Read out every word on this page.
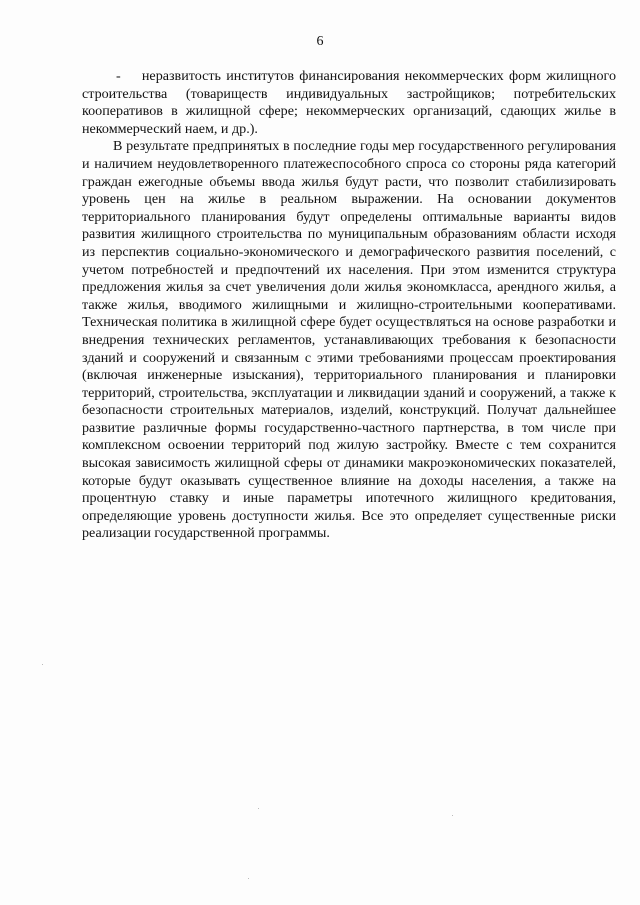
6

-    неразвитость институтов финансирования некоммерческих форм жилищного строительства (товариществ индивидуальных застройщиков; потребительских кооперативов в жилищной сфере; некоммерческих организаций, сдающих жилье в некоммерческий наем, и др.).

В результате предпринятых в последние годы мер государственного регулирования и наличием неудовлетворенного платежеспособного спроса со стороны ряда категорий граждан ежегодные объемы ввода жилья будут расти, что позволит стабилизировать уровень цен на жилье в реальном выражении. На основании документов территориального планирования будут определены оптимальные варианты видов развития жилищного строительства по муниципальным образованиям области исходя из перспектив социально-экономического и демографического развития поселений, с учетом потребностей и предпочтений их населения. При этом изменится структура предложения жилья за счет увеличения доли жилья экономкласса, арендного жилья, а также жилья, вводимого жилищными и жилищно-строительными кооперативами. Техническая политика в жилищной сфере будет осуществляться на основе разработки и внедрения технических регламентов, устанавливающих требования к безопасности зданий и сооружений и связанным с этими требованиями процессам проектирования (включая инженерные изыскания), территориального планирования и планировки территорий, строительства, эксплуатации и ликвидации зданий и сооружений, а также к безопасности строительных материалов, изделий, конструкций. Получат дальнейшее развитие различные формы государственно-частного партнерства, в том числе при комплексном освоении территорий под жилую застройку. Вместе с тем сохранится высокая зависимость жилищной сферы от динамики макроэкономических показателей, которые будут оказывать существенное влияние на доходы населения, а также на процентную ставку и иные параметры ипотечного жилищного кредитования, определяющие уровень доступности жилья. Все это определяет существенные риски реализации государственной программы.
